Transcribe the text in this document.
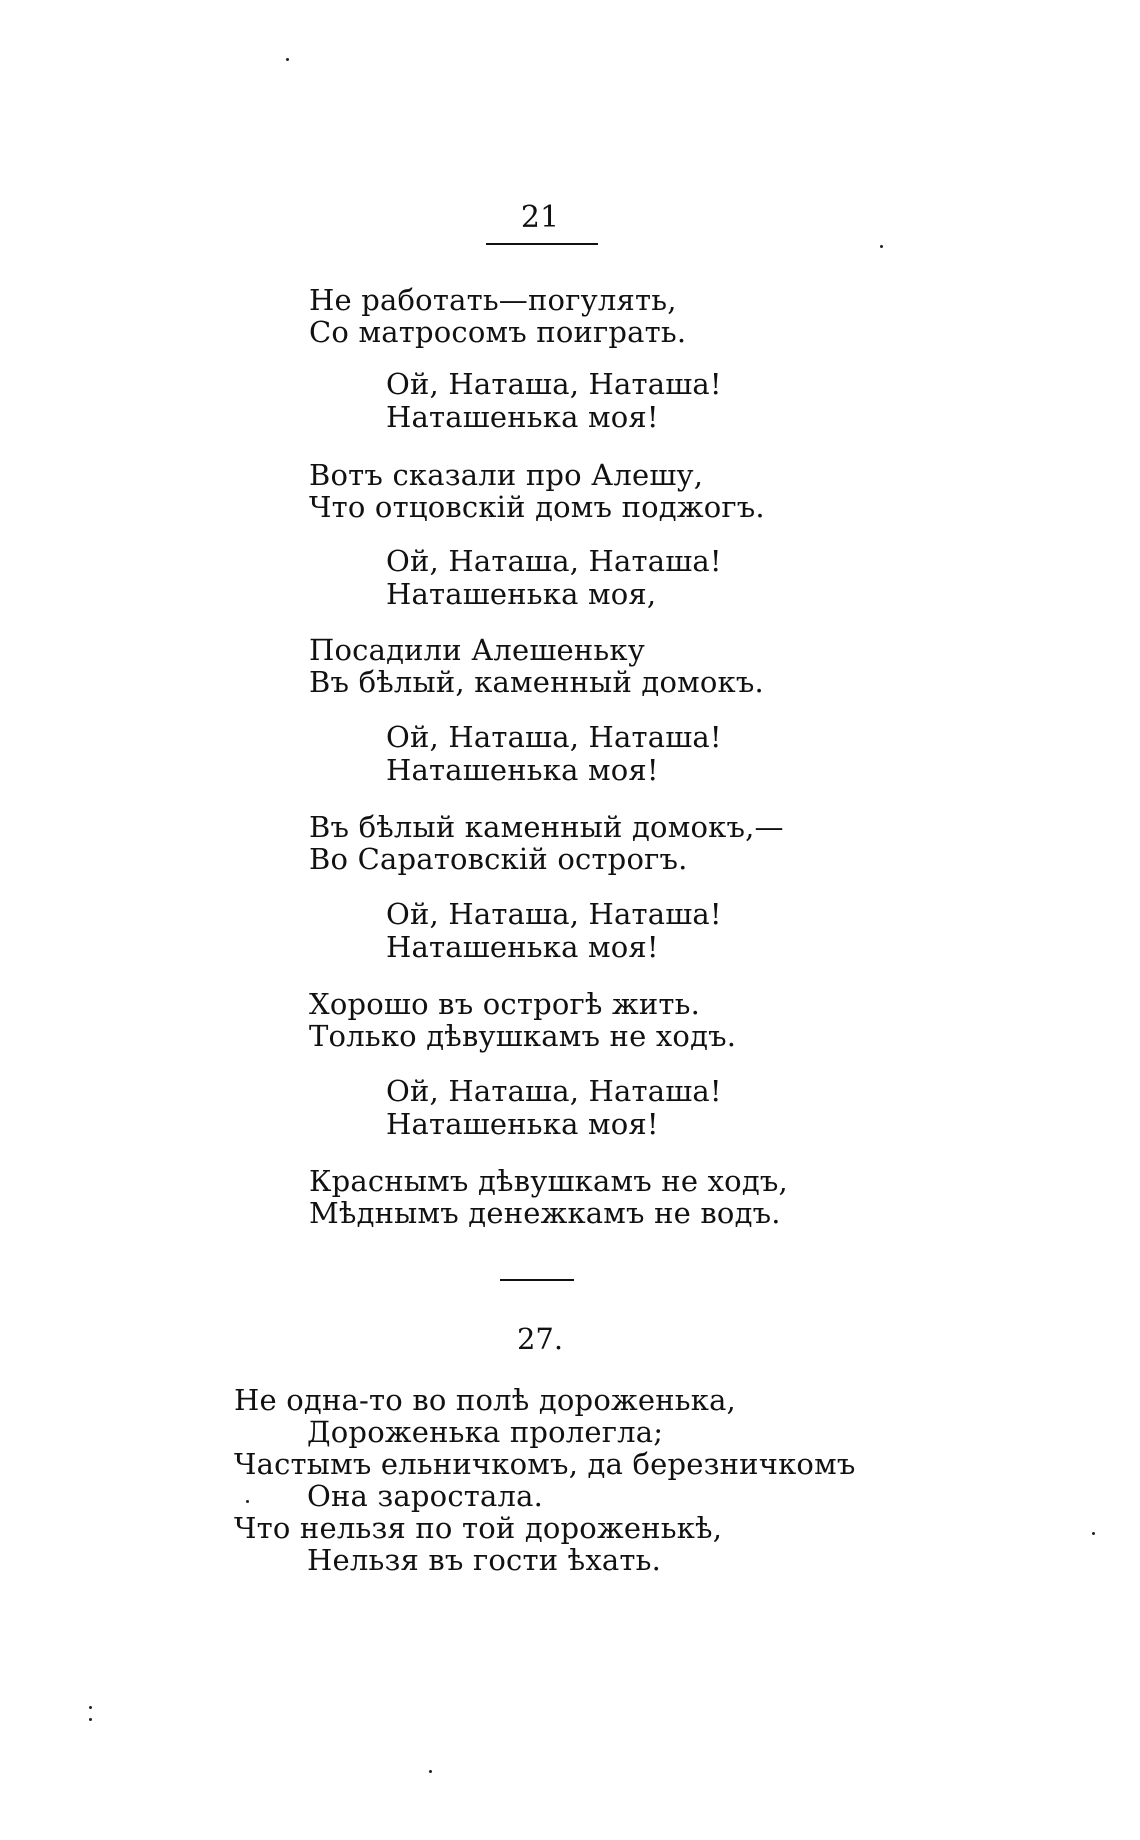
21
Не работать—погулять,
Со матросомъ поиграть.
Ой, Наташа, Наташа!
Наташенька моя!
Вотъ сказали про Алешу,
Что отцовскій домъ поджогъ.
Ой, Наташа, Наташа!
Наташенька моя,
Посадили Алешеньку
Въ бѣлый, каменный домокъ.
Ой, Наташа, Наташа!
Наташенька моя!
Въ бѣлый каменный домокъ,—
Во Саратовскій острогъ.
Ой, Наташа, Наташа!
Наташенька моя!
Хорошо въ острогѣ жить.
Только дѣвушкамъ не ходъ.
Ой, Наташа, Наташа!
Наташенька моя!
Краснымъ дѣвушкамъ не ходъ,
Мѣднымъ денежкамъ не водъ.
27.
Не одна-то во полѣ дороженька,
Дороженька пролегла;
Частымъ ельничкомъ, да березничкомъ
Она заростала.
Что нельзя по той дороженькѣ,
Нельзя въ гости ѣхать.
